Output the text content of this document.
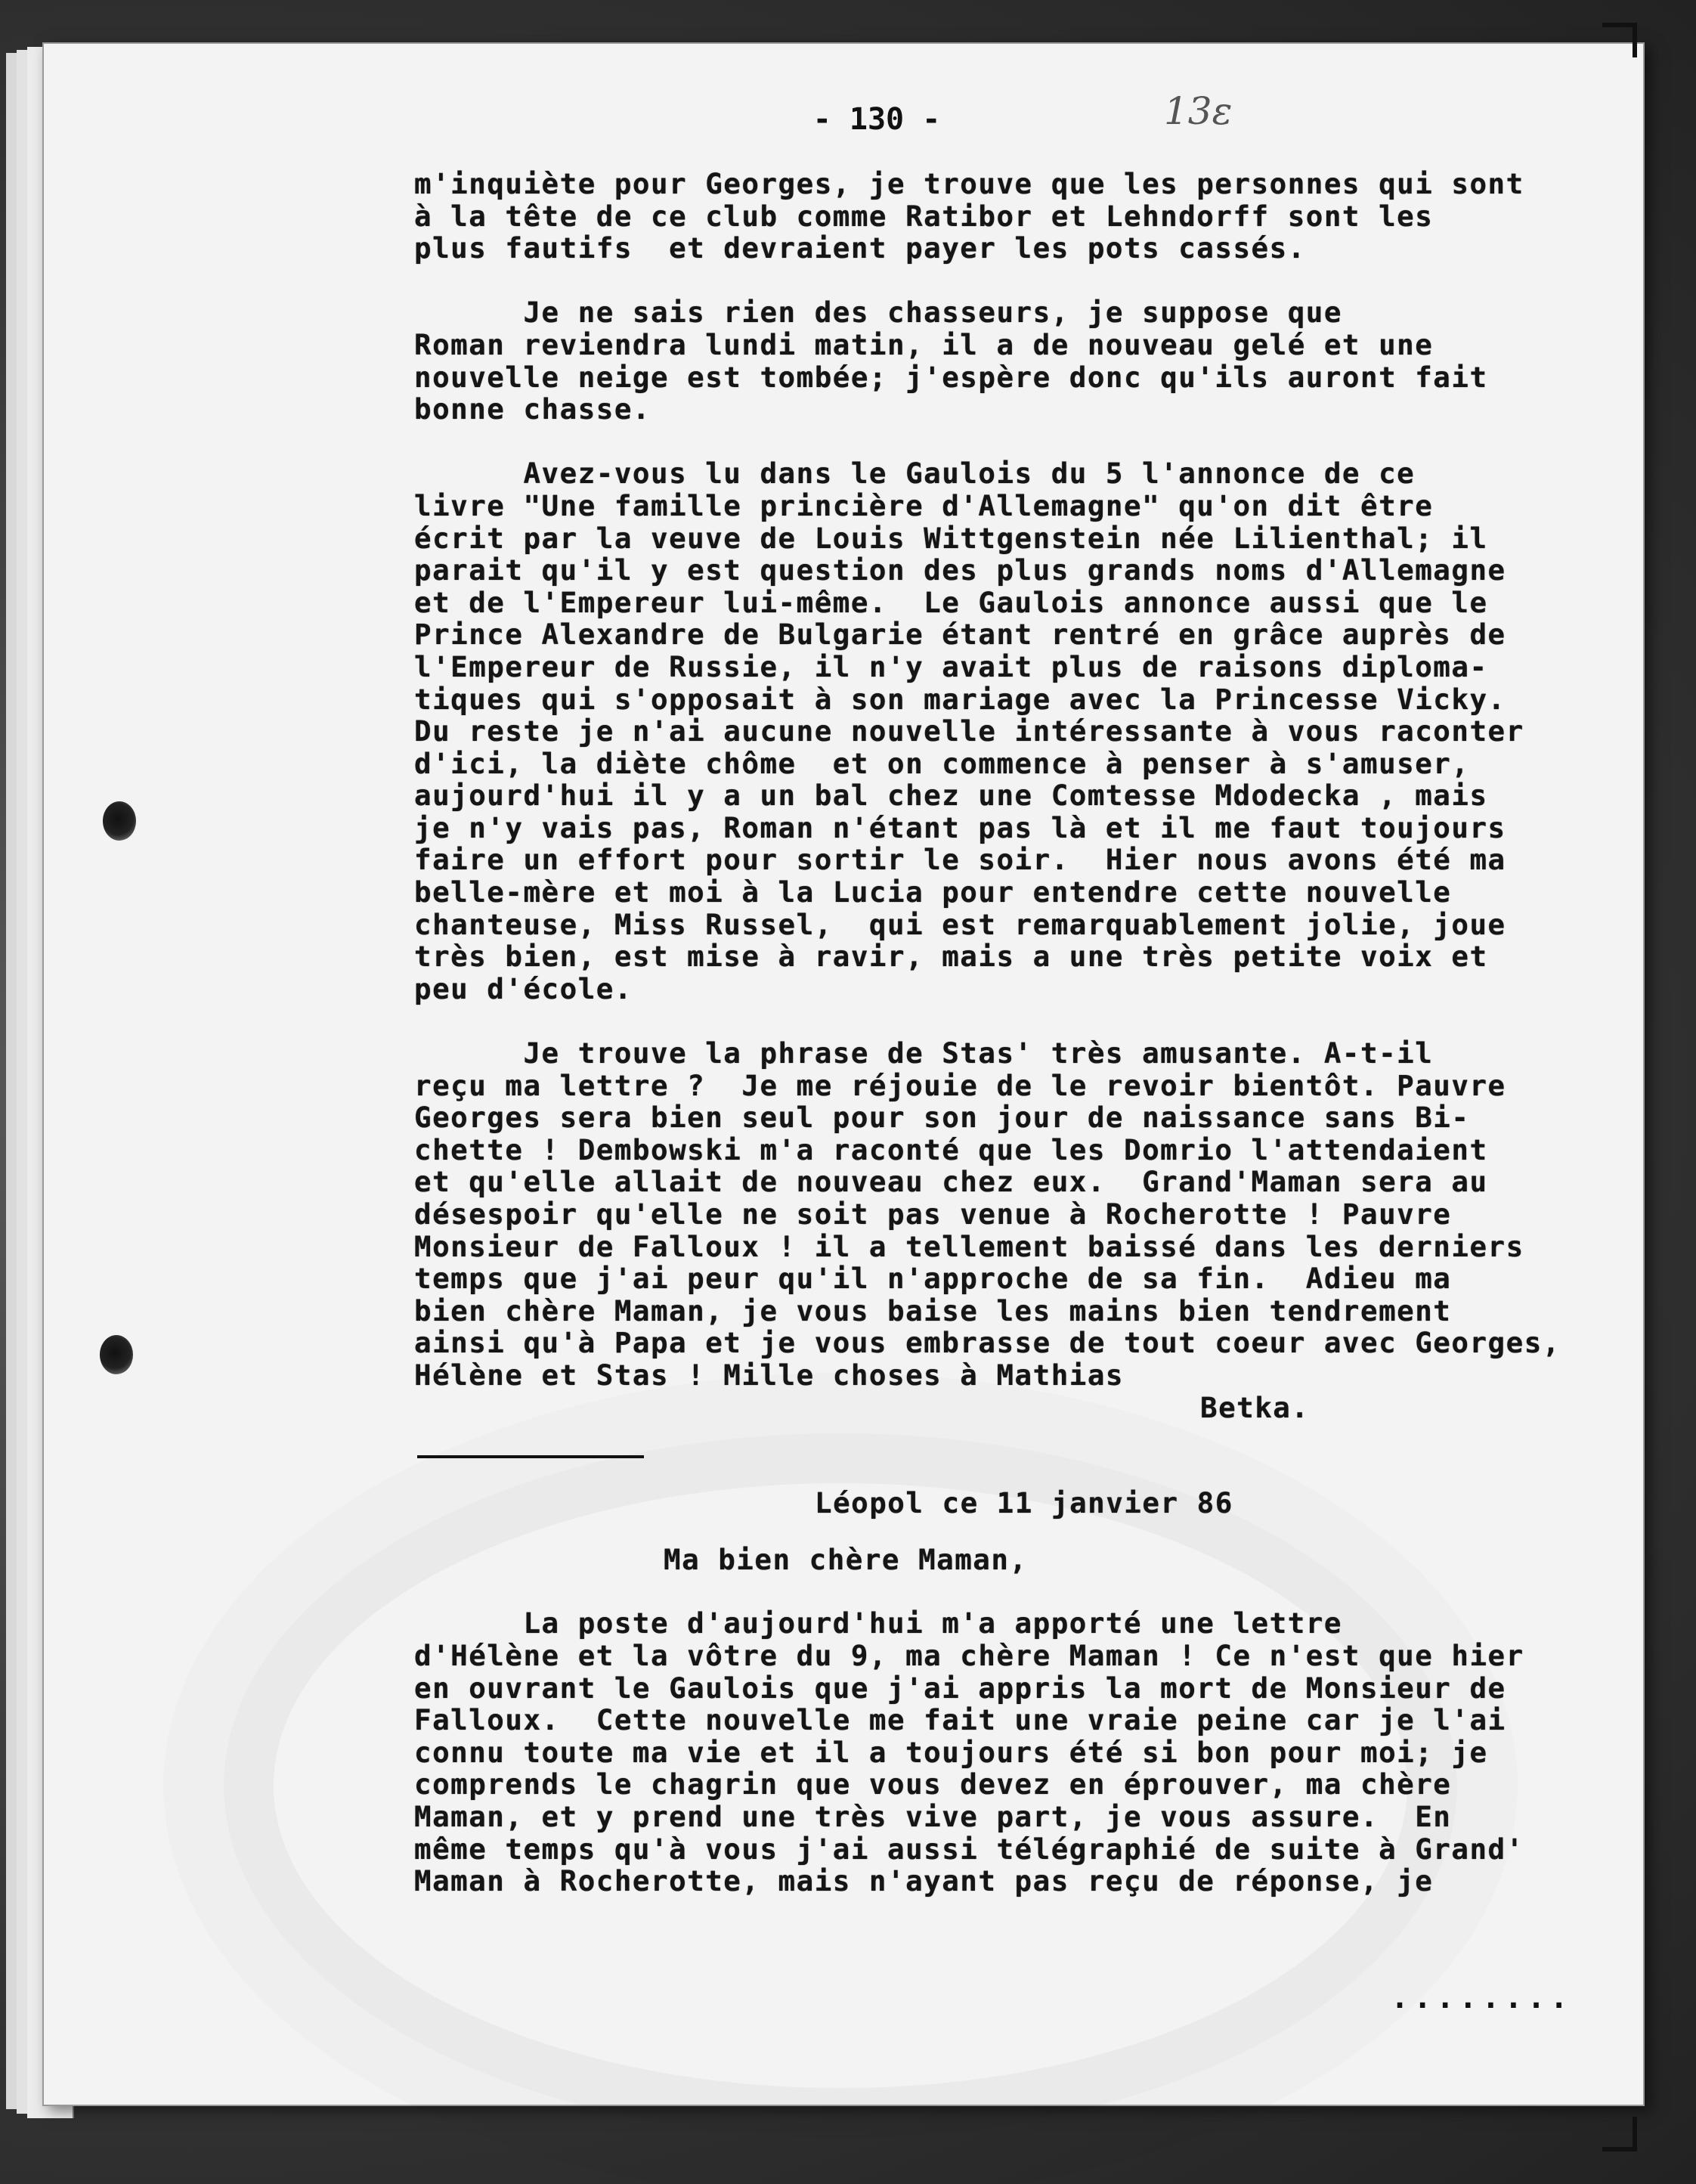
- 130 -	13ε

m'inquiète pour Georges, je trouve que les personnes qui sont
à la tête de ce club comme Ratibor et Lehndorff sont les
plus fautifs  et devraient payer les pots cassés.

Je ne sais rien des chasseurs, je suppose que
Roman reviendra lundi matin, il a de nouveau gelé et une
nouvelle neige est tombée; j'espère donc qu'ils auront fait
bonne chasse.

Avez-vous lu dans le Gaulois du 5 l'annonce de ce
livre "Une famille princière d'Allemagne" qu'on dit être
écrit par la veuve de Louis Wittgenstein née Lilienthal; il
parait qu'il y est question des plus grands noms d'Allemagne
et de l'Empereur lui-même.  Le Gaulois annonce aussi que le
Prince Alexandre de Bulgarie étant rentré en grâce auprès de
l'Empereur de Russie, il n'y avait plus de raisons diploma-
tiques qui s'opposait à son mariage avec la Princesse Vicky.
Du reste je n'ai aucune nouvelle intéressante à vous raconter
d'ici, la diète chôme  et on commence à penser à s'amuser,
aujourd'hui il y a un bal chez une Comtesse Mdodecka , mais
je n'y vais pas, Roman n'étant pas là et il me faut toujours
faire un effort pour sortir le soir.  Hier nous avons été ma
belle-mère et moi à la Lucia pour entendre cette nouvelle
chanteuse, Miss Russel,  qui est remarquablement jolie, joue
très bien, est mise à ravir, mais a une très petite voix et
peu d'école.

Je trouve la phrase de Stas' très amusante. A-t-il
reçu ma lettre ?  Je me réjouie de le revoir bientôt. Pauvre
Georges sera bien seul pour son jour de naissance sans Bi-
chette ! Dembowski m'a raconté que les Domrio l'attendaient
et qu'elle allait de nouveau chez eux.  Grand'Maman sera au
désespoir qu'elle ne soit pas venue à Rocherotte ! Pauvre
Monsieur de Falloux ! il a tellement baissé dans les derniers
temps que j'ai peur qu'il n'approche de sa fin.  Adieu ma
bien chère Maman, je vous baise les mains bien tendrement
ainsi qu'à Papa et je vous embrasse de tout coeur avec Georges,
Hélène et Stas ! Mille choses à Mathias

Betka.
Léopol ce 11 janvier 86
Ma bien chère Maman,

La poste d'aujourd'hui m'a apporté une lettre
d'Hélène et la vôtre du 9, ma chère Maman ! Ce n'est que hier
en ouvrant le Gaulois que j'ai appris la mort de Monsieur de
Falloux.  Cette nouvelle me fait une vraie peine car je l'ai
connu toute ma vie et il a toujours été si bon pour moi; je
comprends le chagrin que vous devez en éprouver, ma chère
Maman, et y prend une très vive part, je vous assure.  En
même temps qu'à vous j'ai aussi télégraphié de suite à Grand'
Maman à Rocherotte, mais n'ayant pas reçu de réponse, je

........
